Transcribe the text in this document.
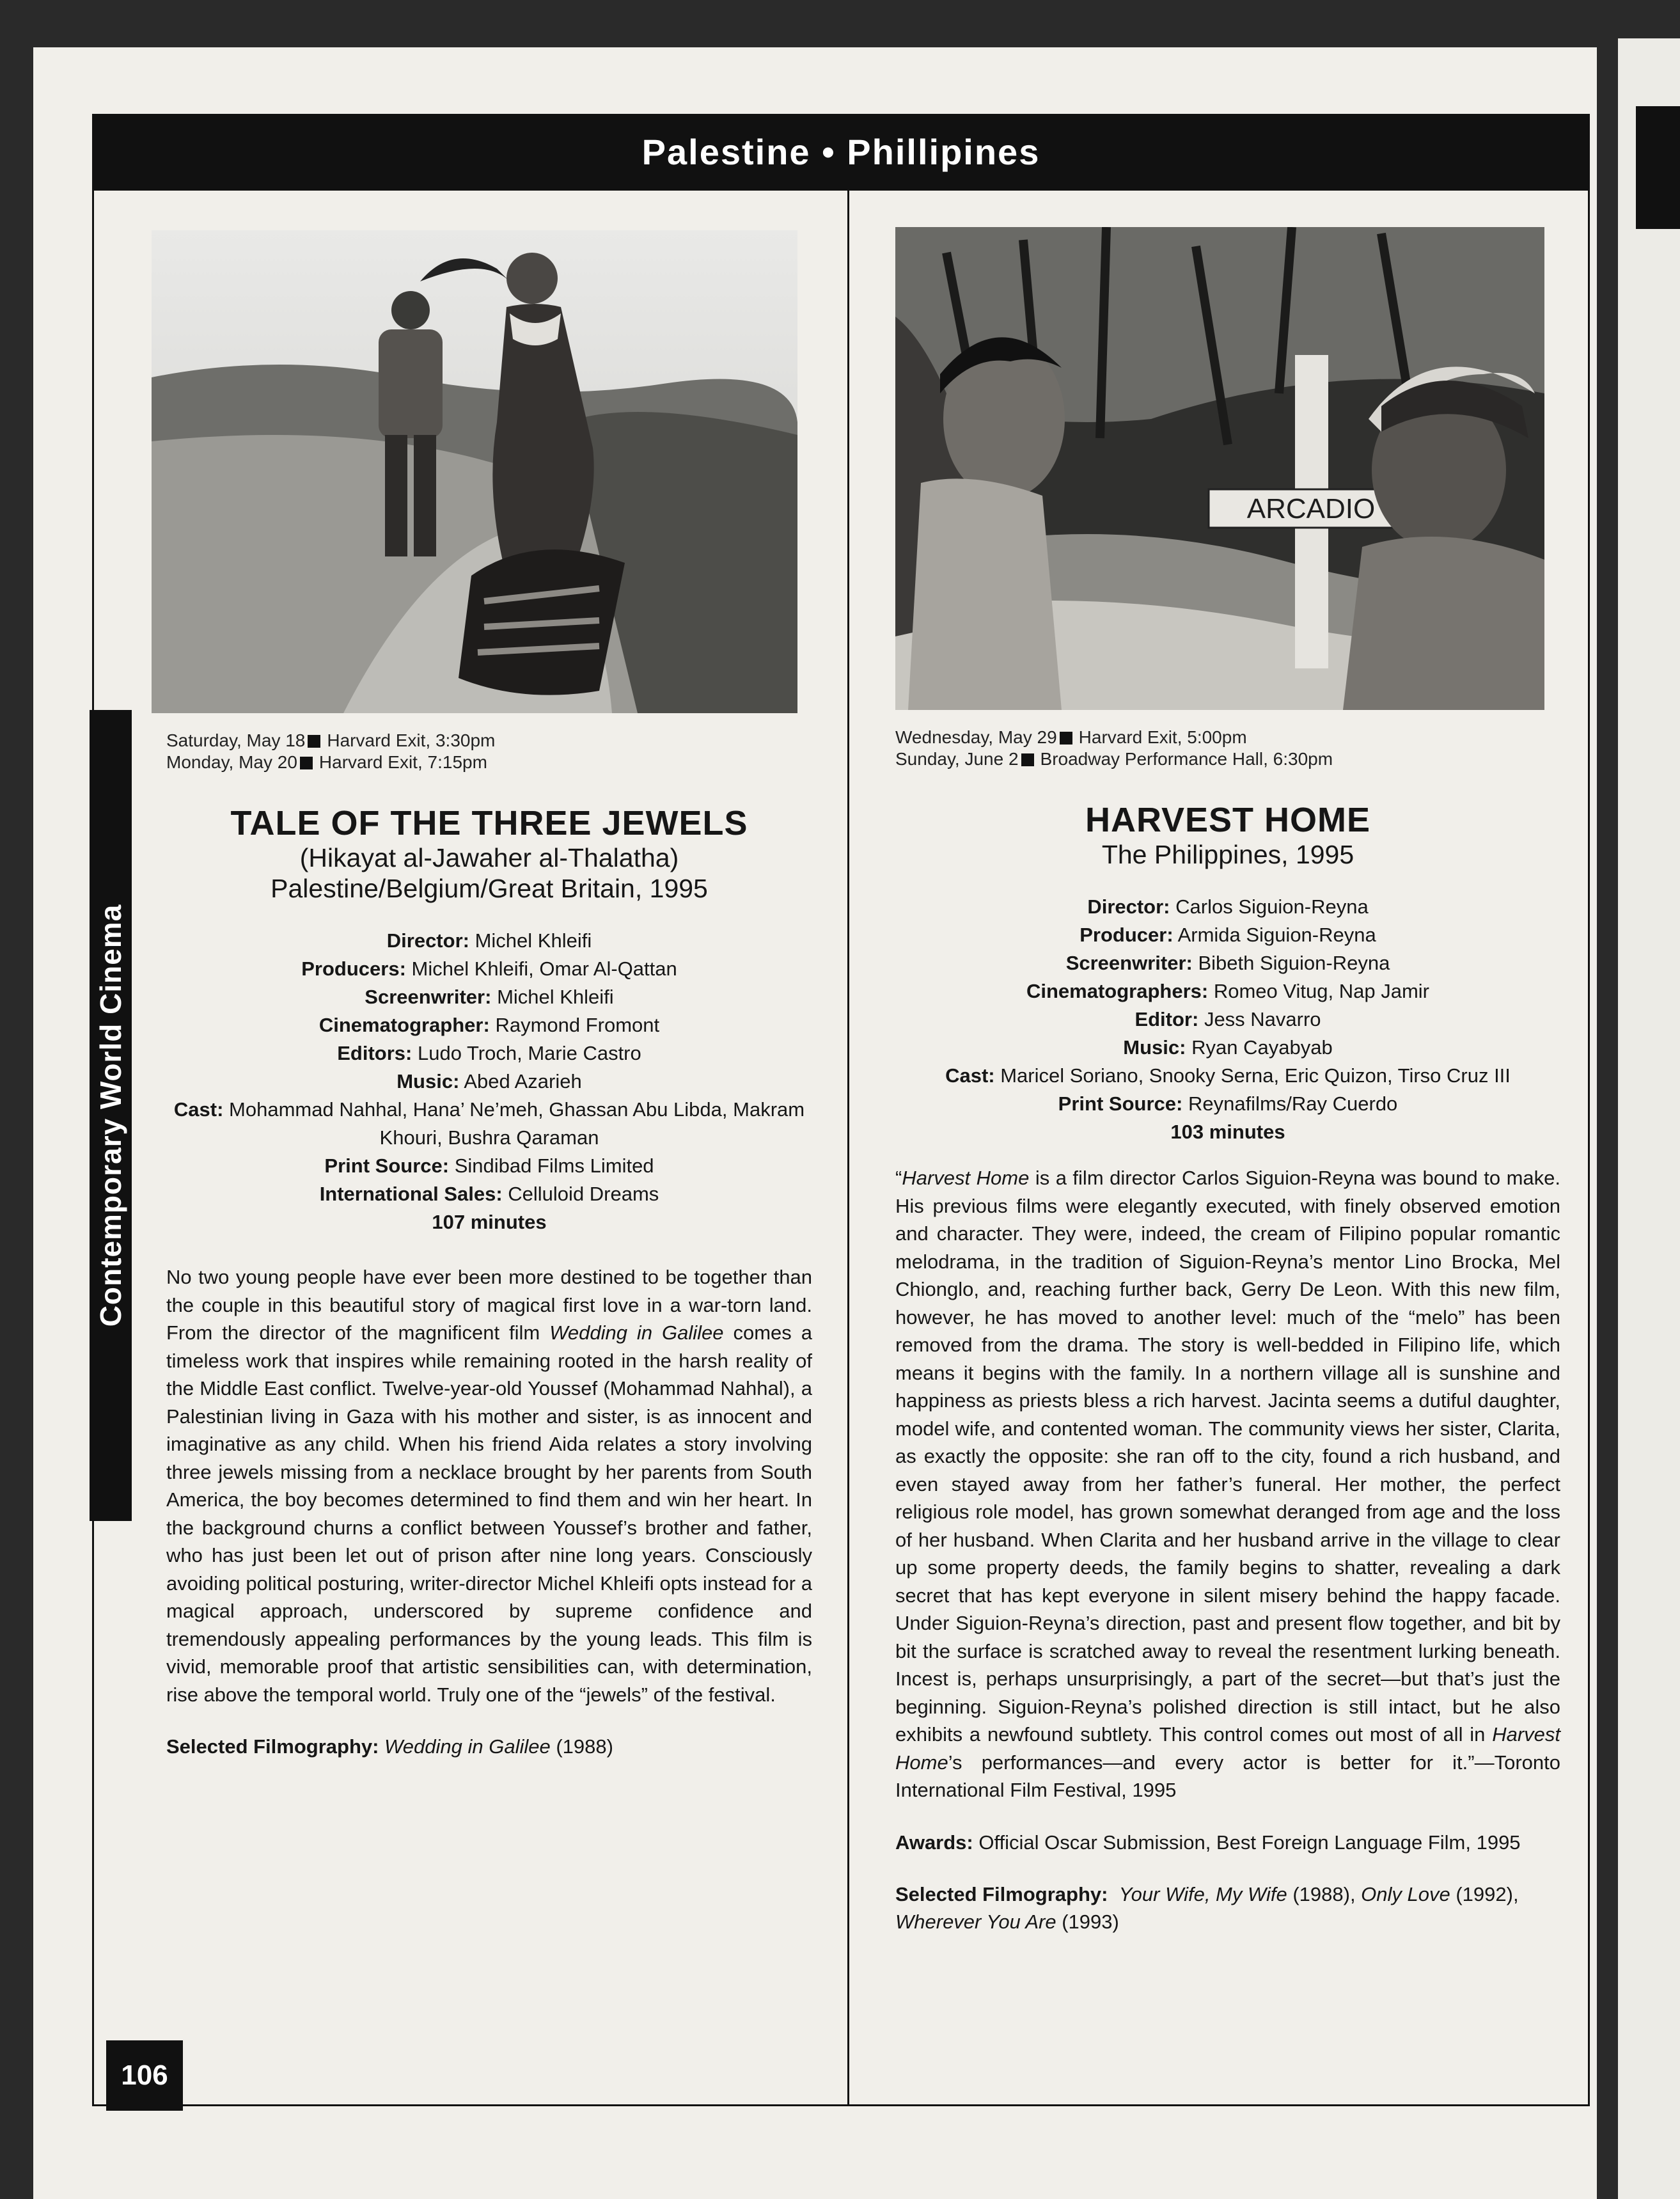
Palestine • Phillipines
Contemporary World Cinema
Saturday, May 18 Harvard Exit, 3:30pm
Monday, May 20 Harvard Exit, 7:15pm
TALE OF THE THREE JEWELS
(Hikayat al-Jawaher al-Thalatha)
Palestine/Belgium/Great Britain, 1995
Director: Michel Khleifi
Producers: Michel Khleifi, Omar Al-Qattan
Screenwriter: Michel Khleifi
Cinematographer: Raymond Fromont
Editors: Ludo Troch, Marie Castro
Music: Abed Azarieh
Cast: Mohammad Nahhal, Hana’ Ne’meh, Ghassan Abu Libda, Makram Khouri, Bushra Qaraman
Print Source: Sindibad Films Limited
International Sales: Celluloid Dreams
107 minutes

No two young people have ever been more destined to be together than the couple in this beautiful story of magical first love in a war-torn land. From the director of the magnificent film Wedding in Galilee comes a timeless work that inspires while remaining rooted in the harsh reality of the Middle East conflict. Twelve-year-old Youssef (Mohammad Nahhal), a Palestinian living in Gaza with his mother and sister, is as innocent and imaginative as any child. When his friend Aida relates a story involving three jewels missing from a necklace brought by her parents from South America, the boy becomes determined to find them and win her heart. In the background churns a conflict between Youssef’s brother and father, who has just been let out of prison after nine long years. Consciously avoiding political posturing, writer-director Michel Khleifi opts instead for a magical approach, underscored by supreme confidence and tremendously appealing performances by the young leads. This film is vivid, memorable proof that artistic sensibilities can, with determination, rise above the temporal world. Truly one of the “jewels” of the festival.

Selected Filmography: Wedding in Galilee (1988)
ARCADIO
Wednesday, May 29 Harvard Exit, 5:00pm
Sunday, June 2 Broadway Performance Hall, 6:30pm
HARVEST HOME
The Philippines, 1995
Director: Carlos Siguion-Reyna
Producer: Armida Siguion-Reyna
Screenwriter: Bibeth Siguion-Reyna
Cinematographers: Romeo Vitug, Nap Jamir
Editor: Jess Navarro
Music: Ryan Cayabyab
Cast: Maricel Soriano, Snooky Serna, Eric Quizon, Tirso Cruz III
Print Source: Reynafilms/Ray Cuerdo
103 minutes

“Harvest Home is a film director Carlos Siguion-Reyna was bound to make. His previous films were elegantly executed, with finely observed emotion and character. They were, indeed, the cream of Filipino popular romantic melodrama, in the tradition of Siguion-Reyna’s mentor Lino Brocka, Mel Chionglo, and, reaching further back, Gerry De Leon. With this new film, however, he has moved to another level: much of the “melo” has been removed from the drama. The story is well-bedded in Filipino life, which means it begins with the family. In a northern village all is sunshine and happiness as priests bless a rich harvest. Jacinta seems a dutiful daughter, model wife, and contented woman. The community views her sister, Clarita, as exactly the opposite: she ran off to the city, found a rich husband, and even stayed away from her father’s funeral. Her mother, the perfect religious role model, has grown somewhat deranged from age and the loss of her husband. When Clarita and her husband arrive in the village to clear up some property deeds, the family begins to shatter, revealing a dark secret that has kept everyone in silent misery behind the happy facade. Under Siguion-Reyna’s direction, past and present flow together, and bit by bit the surface is scratched away to reveal the resentment lurking beneath. Incest is, perhaps unsurprisingly, a part of the secret—but that’s just the beginning. Siguion-Reyna’s polished direction is still intact, but he also exhibits a newfound subtlety. This control comes out most of all in Harvest Home’s performances—and every actor is better for it.”—Toronto International Film Festival, 1995

Awards: Official Oscar Submission, Best Foreign Language Film, 1995
Selected Filmography: Your Wife, My Wife (1988), Only Love (1992), Wherever You Are (1993)
106
